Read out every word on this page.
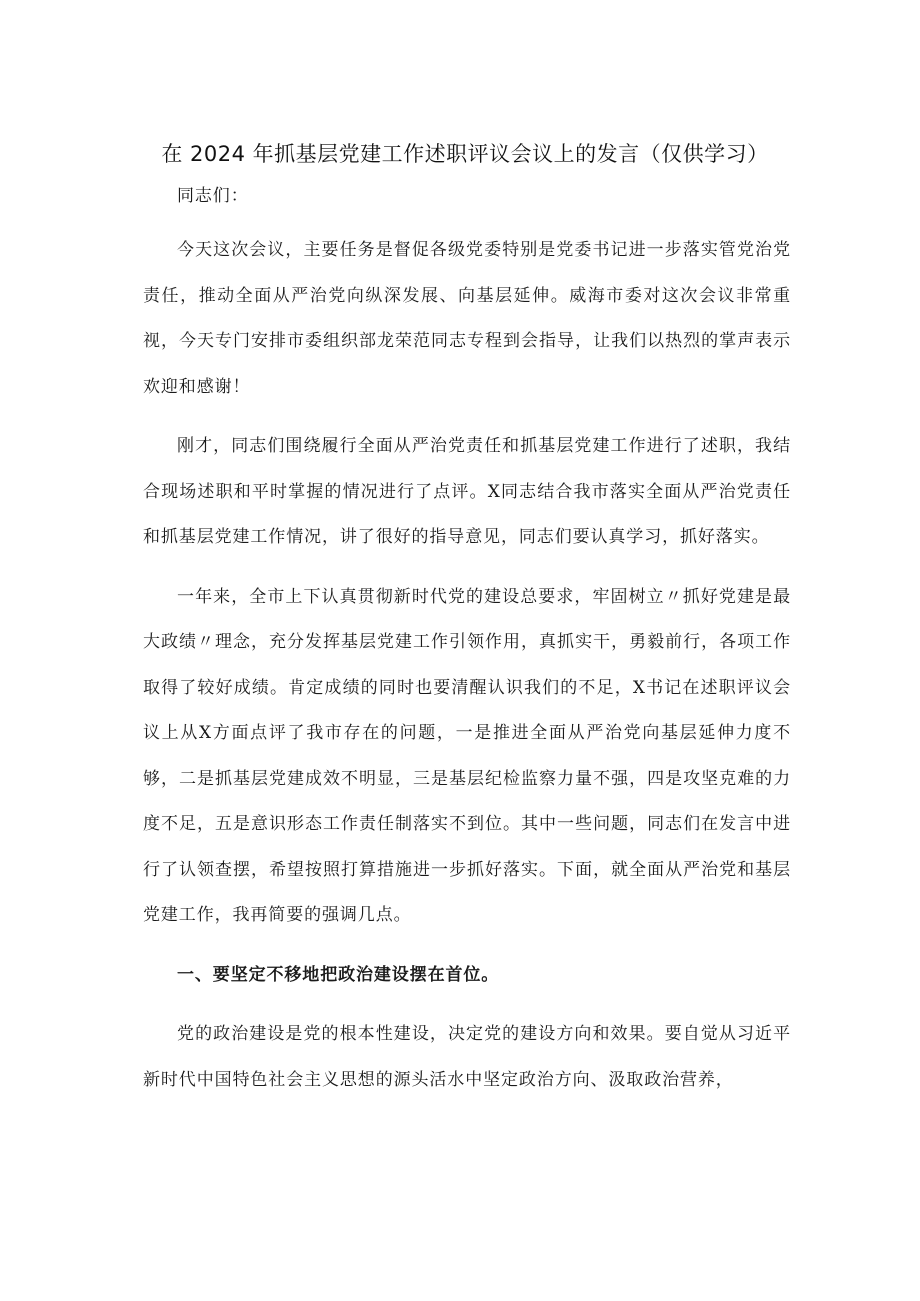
在 2024 年抓基层党建工作述职评议会议上的发言（仅供学习）

同志们：

今天这次会议，主要任务是督促各级党委特别是党委书记进一步落实管党治党责任，推动全面从严治党向纵深发展、向基层延伸。威海市委对这次会议非常重视，今天专门安排市委组织部龙荣范同志专程到会指导，让我们以热烈的掌声表示欢迎和感谢！

刚才，同志们围绕履行全面从严治党责任和抓基层党建工作进行了述职，我结合现场述职和平时掌握的情况进行了点评。X同志结合我市落实全面从严治党责任和抓基层党建工作情况，讲了很好的指导意见，同志们要认真学习，抓好落实。

一年来，全市上下认真贯彻新时代党的建设总要求，牢固树立〃抓好党建是最大政绩〃理念，充分发挥基层党建工作引领作用，真抓实干，勇毅前行，各项工作取得了较好成绩。肯定成绩的同时也要清醒认识我们的不足，X书记在述职评议会议上从X方面点评了我市存在的问题，一是推进全面从严治党向基层延伸力度不够，二是抓基层党建成效不明显，三是基层纪检监察力量不强，四是攻坚克难的力度不足，五是意识形态工作责任制落实不到位。其中一些问题，同志们在发言中进行了认领查摆，希望按照打算措施进一步抓好落实。下面，就全面从严治党和基层党建工作，我再简要的强调几点。

一、要坚定不移地把政治建设摆在首位。

党的政治建设是党的根本性建设，决定党的建设方向和效果。要自觉从习近平新时代中国特色社会主义思想的源头活水中坚定政治方向、汲取政治营养，
